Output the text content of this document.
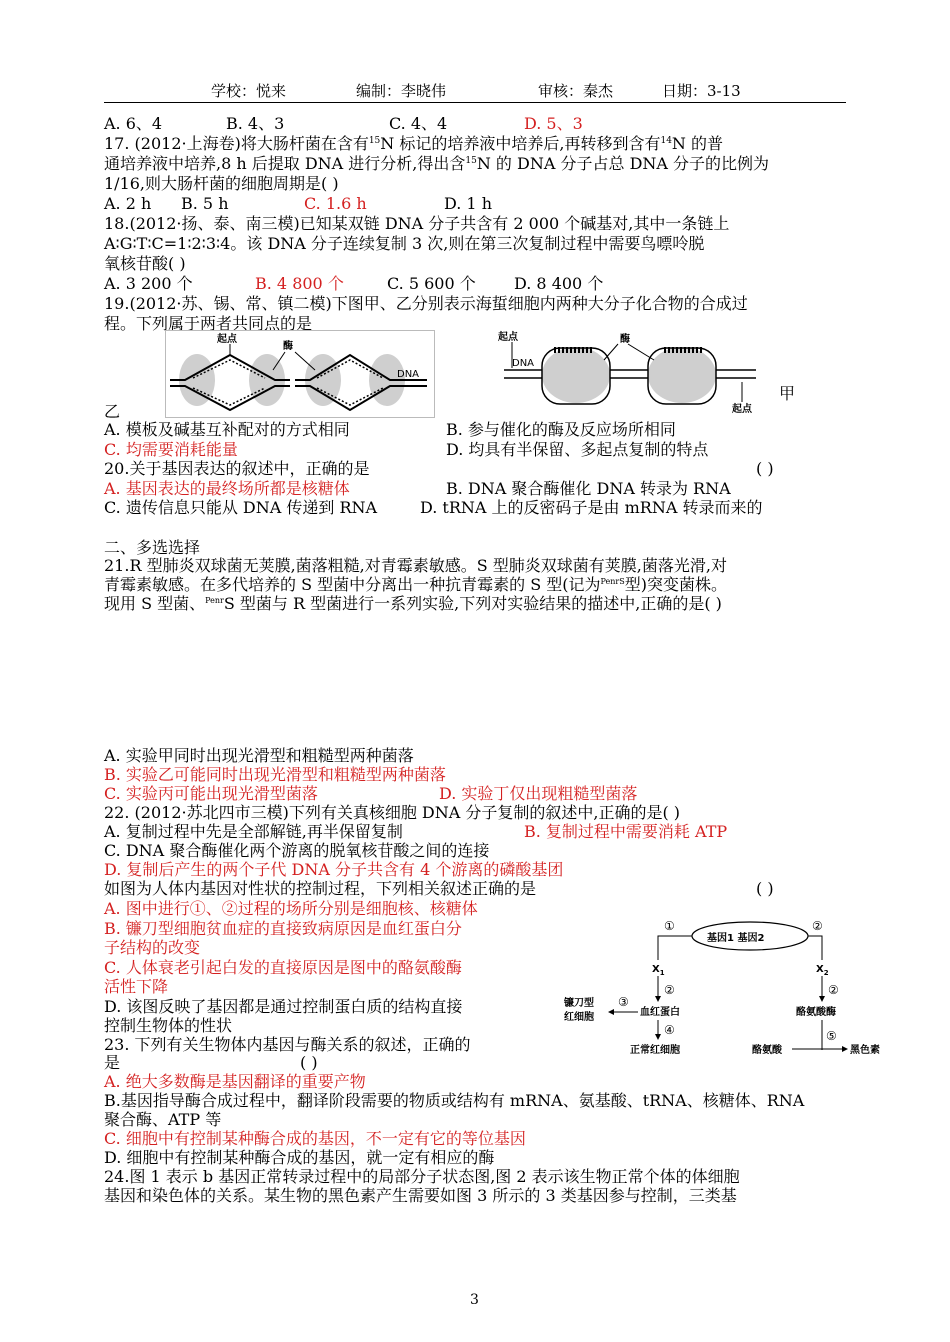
学校：悦来	编制：李晓伟	审核：秦杰	日期：3-13
A. 6、4	B. 4、3	C. 4、4	D. 5、3
17. (2012·上海卷)将大肠杆菌在含有$^{15}$N 标记的培养液中培养后,再转移到含有$^{14}$N 的普
通培养液中培养,8 h 后提取 DNA 进行分析,得出含$^{15}$N 的 DNA 分子占总 DNA 分子的比例为
1/16,则大肠杆菌的细胞周期是( )
A. 2 h B. 5 h	C. 1.6 h	D. 1 h
18.(2012·扬、泰、南三模)已知某双链 DNA 分子共含有 2 000 个碱基对,其中一条链上
A∶G∶T∶C=1∶2∶3∶4。该 DNA 分子连续复制 3 次,则在第三次复制过程中需要鸟嘌呤脱
氧核苷酸( )
A. 3 200 个	B. 4 800 个	C. 5 600 个 D. 8 400 个
19.(2012·苏、锡、常、镇二模)下图甲、乙分别表示海蜇细胞内两种大分子化合物的合成过
程。下列属于两者共同点的是
起点
酶
DNA
起点	酶
DNA
起点
甲
乙
A. 模板及碱基互补配对的方式相同	B. 参与催化的酶及反应场所相同
C. 均需要消耗能量	D. 均具有半保留、多起点复制的特点
20.关于基因表达的叙述中，正确的是	( )
A. 基因表达的最终场所都是核糖体	B. DNA 聚合酶催化 DNA 转录为 RNA
C. 遗传信息只能从 DNA 传递到 RNA	D. tRNA 上的反密码子是由 mRNA 转录而来的
二、多选选择
21.R 型肺炎双球菌无荚膜,菌落粗糙,对青霉素敏感。S 型肺炎双球菌有荚膜,菌落光滑,对
青霉素敏感。在多代培养的 S 型菌中分离出一种抗青霉素的 S 型(记为$^{PenrS}$型)突变菌株。
现用 S 型菌、$^{Penr}$S 型菌与 R 型菌进行一系列实验,下列对实验结果的描述中,正确的是( )
A. 实验甲同时出现光滑型和粗糙型两种菌落
B. 实验乙可能同时出现光滑型和粗糙型两种菌落
C. 实验丙可能出现光滑型菌落	D. 实验丁仅出现粗糙型菌落
22. (2012·苏北四市三模)下列有关真核细胞 DNA 分子复制的叙述中,正确的是( )
A. 复制过程中先是全部解链,再半保留复制	B. 复制过程中需要消耗 ATP
C. DNA 聚合酶催化两个游离的脱氧核苷酸之间的连接
D. 复制后产生的两个子代 DNA 分子共含有 4 个游离的磷酸基团
如图为人体内基因对性状的控制过程，下列相关叙述正确的是	( )
A. 图中进行①、②过程的场所分别是细胞核、核糖体
B. 镰刀型细胞贫血症的直接致病原因是血红蛋白分
子结构的改变
C. 人体衰老引起白发的直接原因是图中的酪氨酸酶
活性下降
D. 该图反映了基因都是通过控制蛋白质的结构直接
控制生物体的性状
基因1 基因2
①	②
$X_1$	$X_2$
②	②
血红蛋白	酪氨酸酶
③
镰刀型
红细胞
④
正常红细胞
⑤
酪氨酸	黑色素
23. 下列有关生物体内基因与酶关系的叙述，正确的
是	( )
A. 绝大多数酶是基因翻译的重要产物
B.基因指导酶合成过程中，翻译阶段需要的物质或结构有 mRNA、氨基酸、tRNA、核糖体、RNA
聚合酶、ATP 等
C. 细胞中有控制某种酶合成的基因，不一定有它的等位基因
D. 细胞中有控制某种酶合成的基因，就一定有相应的酶
24.图 1 表示 b 基因正常转录过程中的局部分子状态图,图 2 表示该生物正常个体的体细胞
基因和染色体的关系。某生物的黑色素产生需要如图 3 所示的 3 类基因参与控制，三类基
3
